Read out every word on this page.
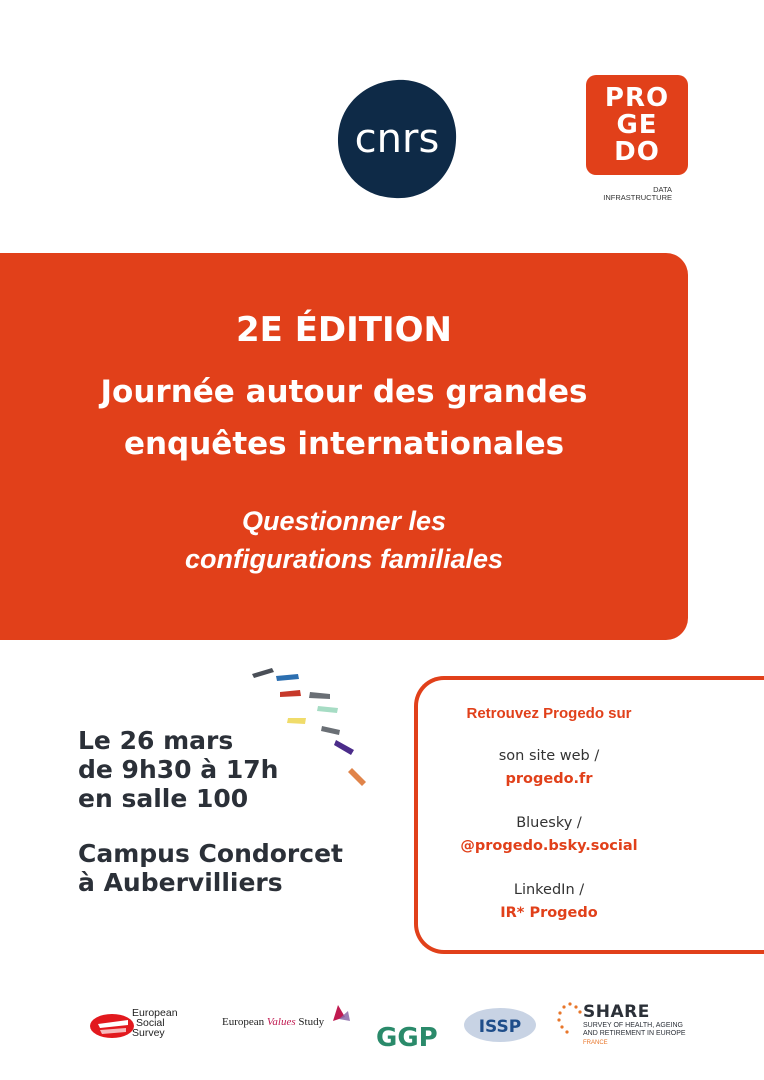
cnrs
PRO
GE
DO
DATA
INFRASTRUCTURE
2E ÉDITION
Journée autour des grandes
enquêtes internationales
Questionner les
configurations familiales
Le 26 mars
de 9h30 à 17h
en salle 100
Campus Condorcet
à Aubervilliers
Retrouvez Progedo sur
son site web /
progedo.fr
Bluesky /
@progedo.bsky.social
LinkedIn /
IR* Progedo
European
Social
Survey
European Values Study
GGP ISSP
SHARE
SURVEY OF HEALTH, AGEING
AND RETIREMENT IN EUROPE
FRANCE
